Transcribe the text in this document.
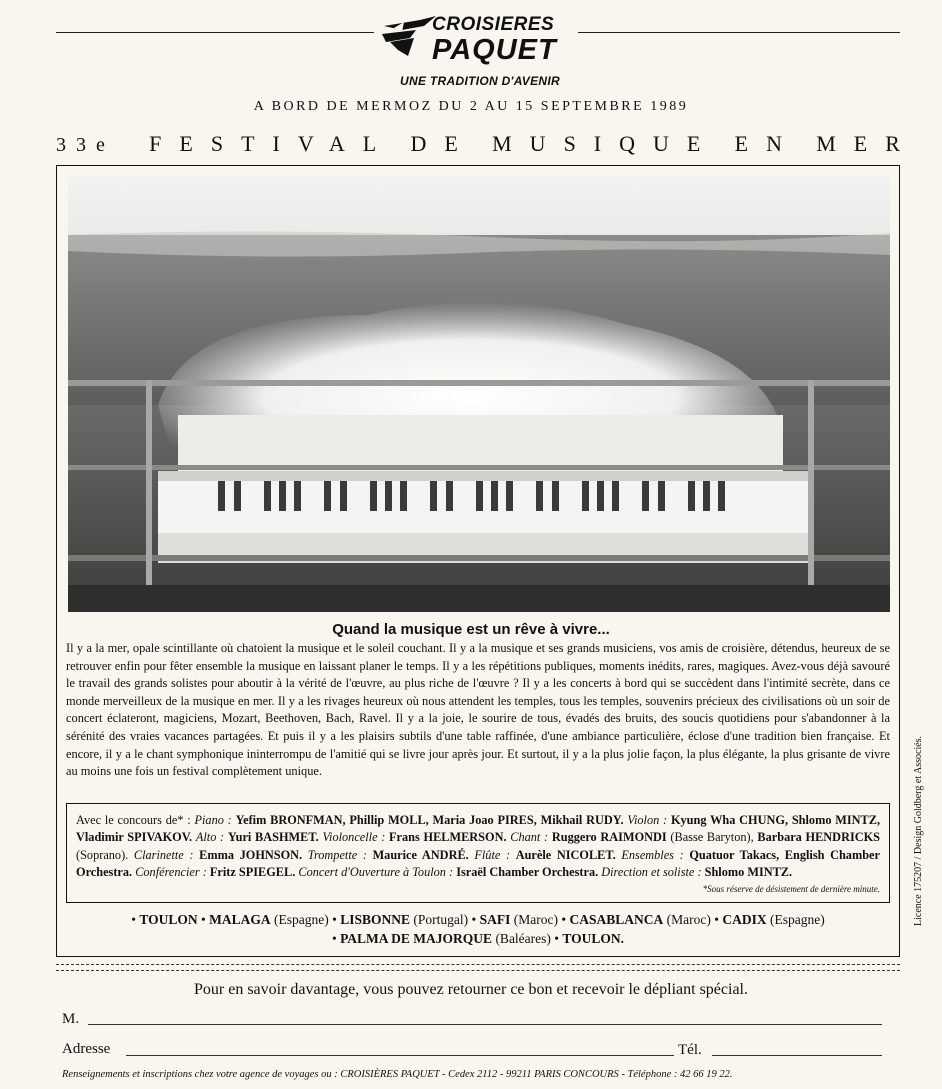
CROISIERES
PAQUET
UNE TRADITION D'AVENIR
A BORD DE MERMOZ DU 2 AU 15 SEPTEMBRE 1989
33e FESTIVAL DE MUSIQUE EN MER
Quand la musique est un rêve à vivre...

Il y a la mer, opale scintillante où chatoient la musique et le soleil couchant. Il y a la musique et ses grands musiciens, vos amis de croisière, détendus, heureux de se retrouver enfin pour fêter ensemble la musique en laissant planer le temps. Il y a les répétitions publiques, moments inédits, rares, magiques. Avez-vous déjà savouré le travail des grands solistes pour aboutir à la vérité de l'œuvre, au plus riche de l'œuvre ? Il y a les concerts à bord qui se succèdent dans l'intimité secrète, dans ce monde merveilleux de la musique en mer. Il y a les rivages heureux où nous attendent les temples, tous les temples, souvenirs précieux des civilisations où un soir de concert éclateront, magiciens, Mozart, Beethoven, Bach, Ravel. Il y a la joie, le sourire de tous, évadés des bruits, des soucis quotidiens pour s'abandonner à la sérénité des vraies vacances partagées. Et puis il y a les plaisirs subtils d'une table raffinée, d'une ambiance particulière, éclose d'une tradition bien française. Et encore, il y a le chant symphonique ininterrompu de l'amitié qui se livre jour après jour. Et surtout, il y a la plus jolie façon, la plus élégante, la plus grisante de vivre au moins une fois un festival complètement unique.

Avec le concours de* : Piano : Yefim BRONFMAN, Phillip MOLL, Maria Joao PIRES, Mikhail RUDY. Violon : Kyung Wha CHUNG, Shlomo MINTZ, Vladimir SPIVAKOV. Alto : Yuri BASHMET. Violoncelle : Frans HELMERSON. Chant : Ruggero RAIMONDI (Basse Baryton), Barbara HENDRICKS (Soprano). Clarinette : Emma JOHNSON. Trompette : Maurice ANDRÉ. Flûte : Aurèle NICOLET. Ensembles : Quatuor Takacs, English Chamber Orchestra. Conférencier : Fritz SPIEGEL. Concert d'Ouverture à Toulon : Israël Chamber Orchestra. Direction et soliste : Shlomo MINTZ.

*Sous réserve de désistement de dernière minute.
• TOULON • MALAGA (Espagne) • LISBONNE (Portugal) • SAFI (Maroc) • CASABLANCA (Maroc) • CADIX (Espagne)
• PALMA DE MAJORQUE (Baléares) • TOULON.
Licence 175207 / Design Goldberg et Associés.
Pour en savoir davantage, vous pouvez retourner ce bon et recevoir le dépliant spécial.
M.
Adresse	Tél.
Renseignements et inscriptions chez votre agence de voyages ou : CROISIÈRES PAQUET - Cedex 2112 - 99211 PARIS CONCOURS - Téléphone : 42 66 19 22.
